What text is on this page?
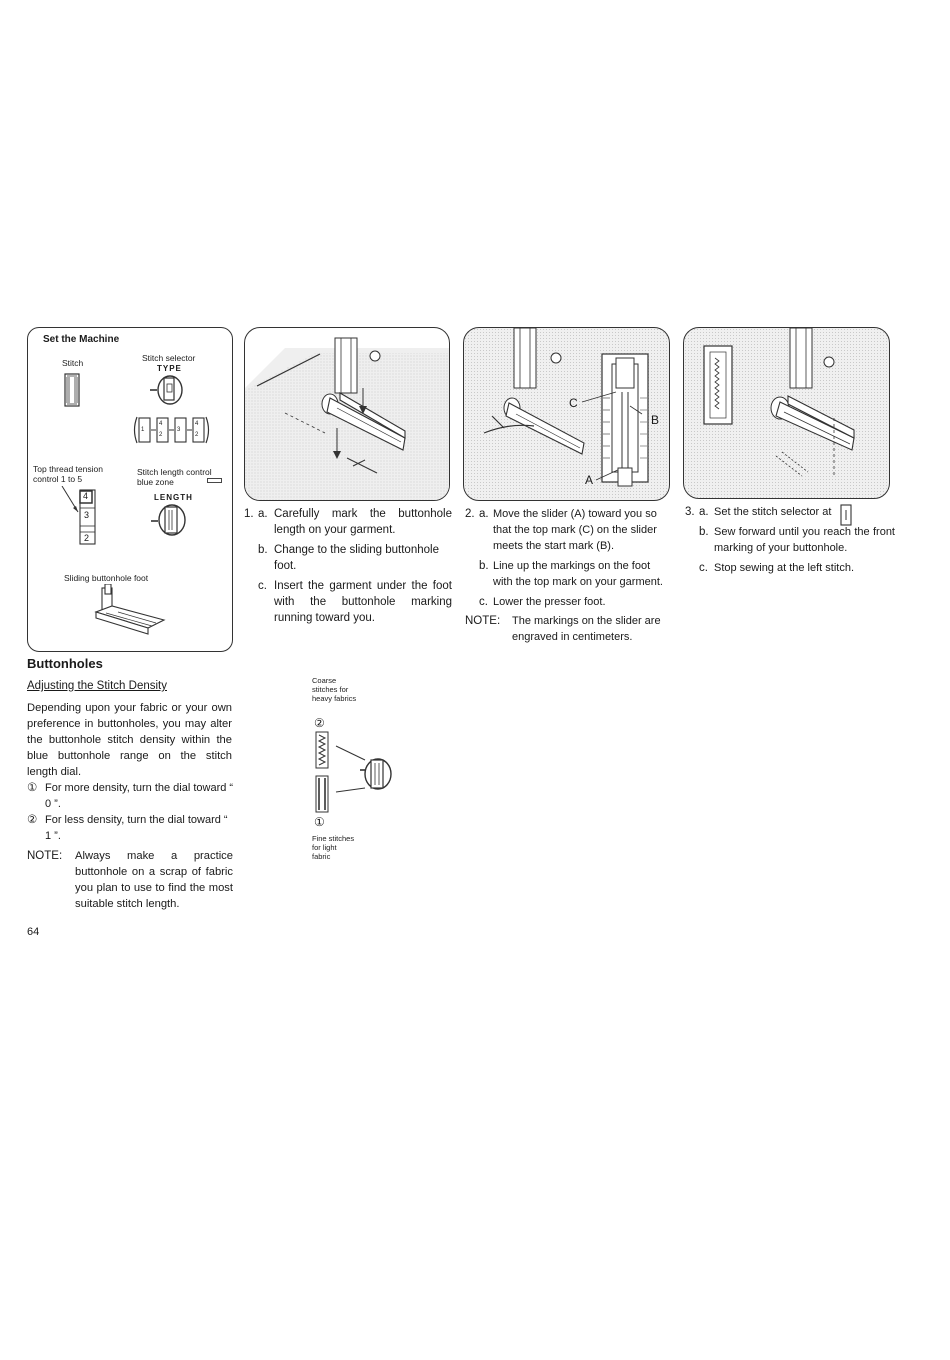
Set the Machine
Stitch	Stitch selector
TYPE
1
4
2
3
4
2
Top thread tension control 1 to 5
4
3
2
Stitch length control blue zone
LENGTH
Sliding buttonhole foot
C
B
A
1. a. Carefully mark the buttonhole length on your garment.
b. Change to the sliding buttonhole foot.
c. Insert the garment under the foot with the buttonhole marking running toward you.
2. a. Move the slider (A) toward you so that the top mark (C) on the slider meets the start mark (B).
b. Line up the markings on the foot with the top mark on your garment.
c. Lower the presser foot.
NOTE: The markings on the slider are engraved in centimeters.
3. a. Set the stitch selector at
b. Sew forward until you reach the front marking of your buttonhole.
c. Stop sewing at the left stitch.
Buttonholes
Adjusting the Stitch Density
Depending upon your fabric or your own preference in buttonholes, you may alter the buttonhole stitch density within the blue buttonhole range on the stitch length dial.
① For more density, turn the dial toward “ 0 ”.
② For less density, turn the dial toward “ 1 ”.
NOTE: Always make a practice buttonhole on a scrap of fabric you plan to use to find the most suitable stitch length.
Coarse stitches for heavy fabrics
②
①
Fine stitches for light fabric
64
